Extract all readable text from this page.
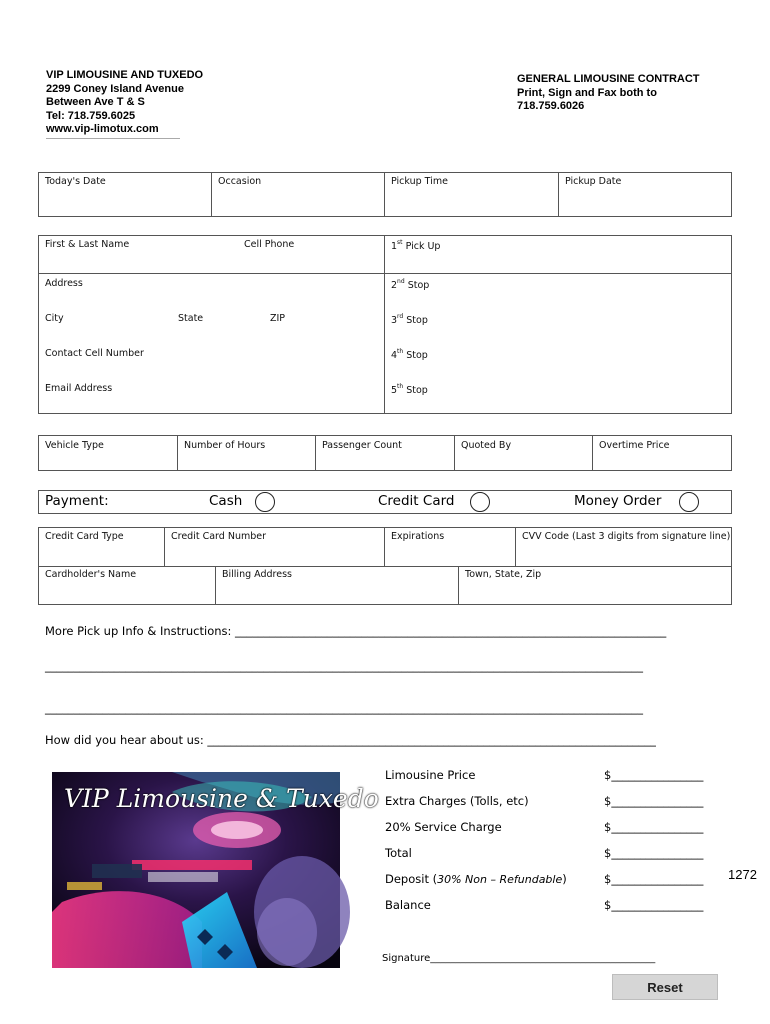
VIP LIMOUSINE AND TUXEDO
2299 Coney Island Avenue
Between Ave T & S
Tel: 718.759.6025
www.vip-limotux.com
GENERAL LIMOUSINE CONTRACT
Print, Sign and Fax both to
718.759.6026
Today's Date	Occasion	Pickup Time	Pickup Date
First & Last Name	Cell Phone
Address
City	State	ZIP
Contact Cell Number
Email Address
1st Pick Up
2nd Stop
3rd Stop
4th Stop
5th Stop
Vehicle Type	Number of Hours	Passenger Count	Quoted By	Overtime Price
Payment:	Cash	Credit Card	Money Order
Credit Card Type	Credit Card Number	Expirations	CVV Code (Last 3 digits from signature line)
Cardholder's Name	Billing Address	Town, State, Zip
More Pick up Info & Instructions: ___________________________________________________________________________
________________________________________________________________________________________________________
________________________________________________________________________________________________________
How did you hear about us: ______________________________________________________________________________
VIP Limousine & Tuxedo
Limousine Price	$________________
Extra Charges (Tolls, etc)	$________________
20% Service Charge	$________________
Total	$________________
Deposit (30% Non – Refundable)	$________________ 1272
Balance	$________________
Signature_____________________________________________
Reset
